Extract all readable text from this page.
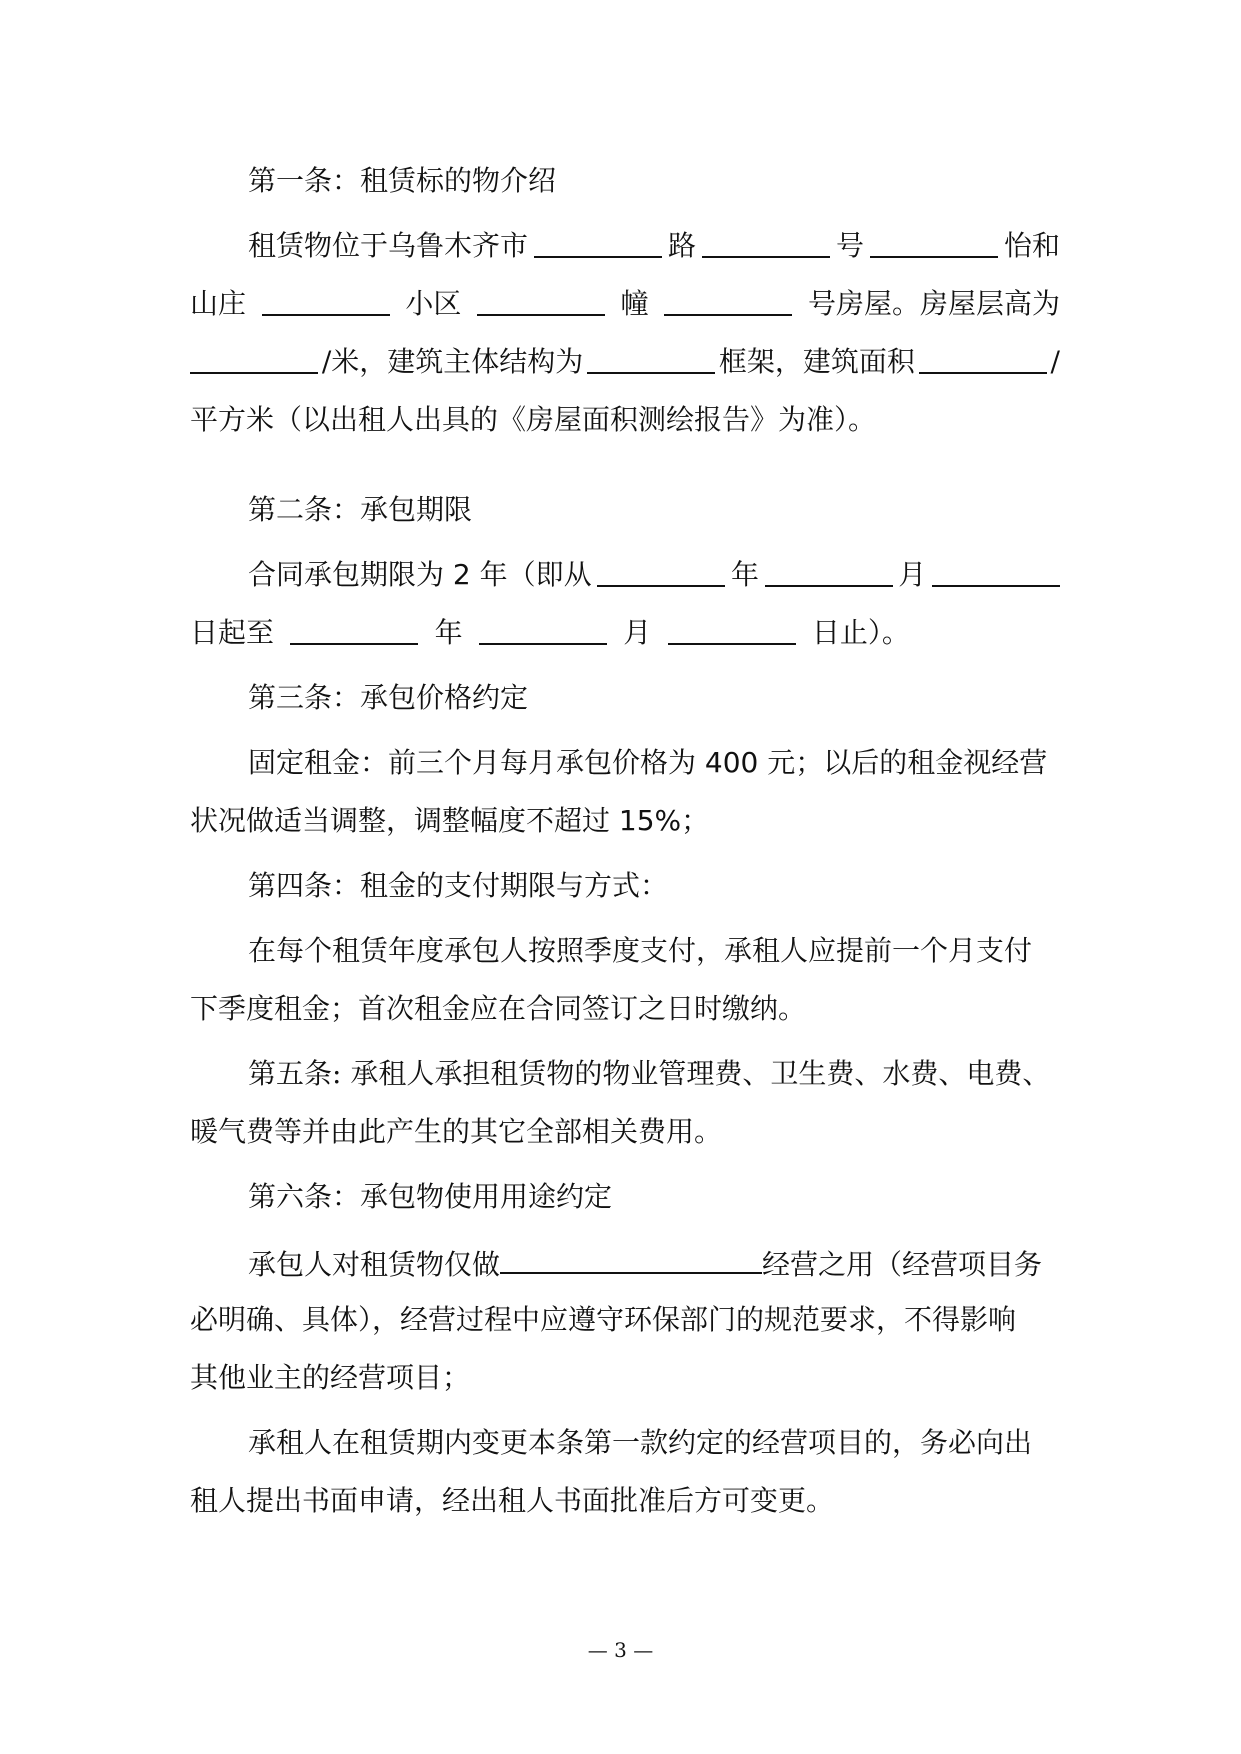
第一条：租赁标的物介绍
租赁物位于乌鲁木齐市	路	号	怡和
山庄	小区	幢	号房屋。房屋层高为
/米，建筑主体结构为	框架，建筑面积	/
平方米（以出租人出具的《房屋面积测绘报告》为准）。
第二条：承包期限
合同承包期限为 2 年（即从	年	月
日起至	年	月	日止）。
第三条：承包价格约定
固定租金：前三个月每月承包价格为 400 元；以后的租金视经营
状况做适当调整，调整幅度不超过 15%；
第四条：租金的支付期限与方式：
在每个租赁年度承包人按照季度支付，承租人应提前一个月支付
下季度租金；首次租金应在合同签订之日时缴纳。
第五条: 承租人承担租赁物的物业管理费、卫生费、水费、电费、
暖气费等并由此产生的其它全部相关费用。
第六条：承包物使用用途约定
承包人对租赁物仅做	经营之用（经营项目务
必明确、具体），经营过程中应遵守环保部门的规范要求，不得影响
其他业主的经营项目；
承租人在租赁期内变更本条第一款约定的经营项目的，务必向出
租人提出书面申请，经出租人书面批准后方可变更。
— 3 —
